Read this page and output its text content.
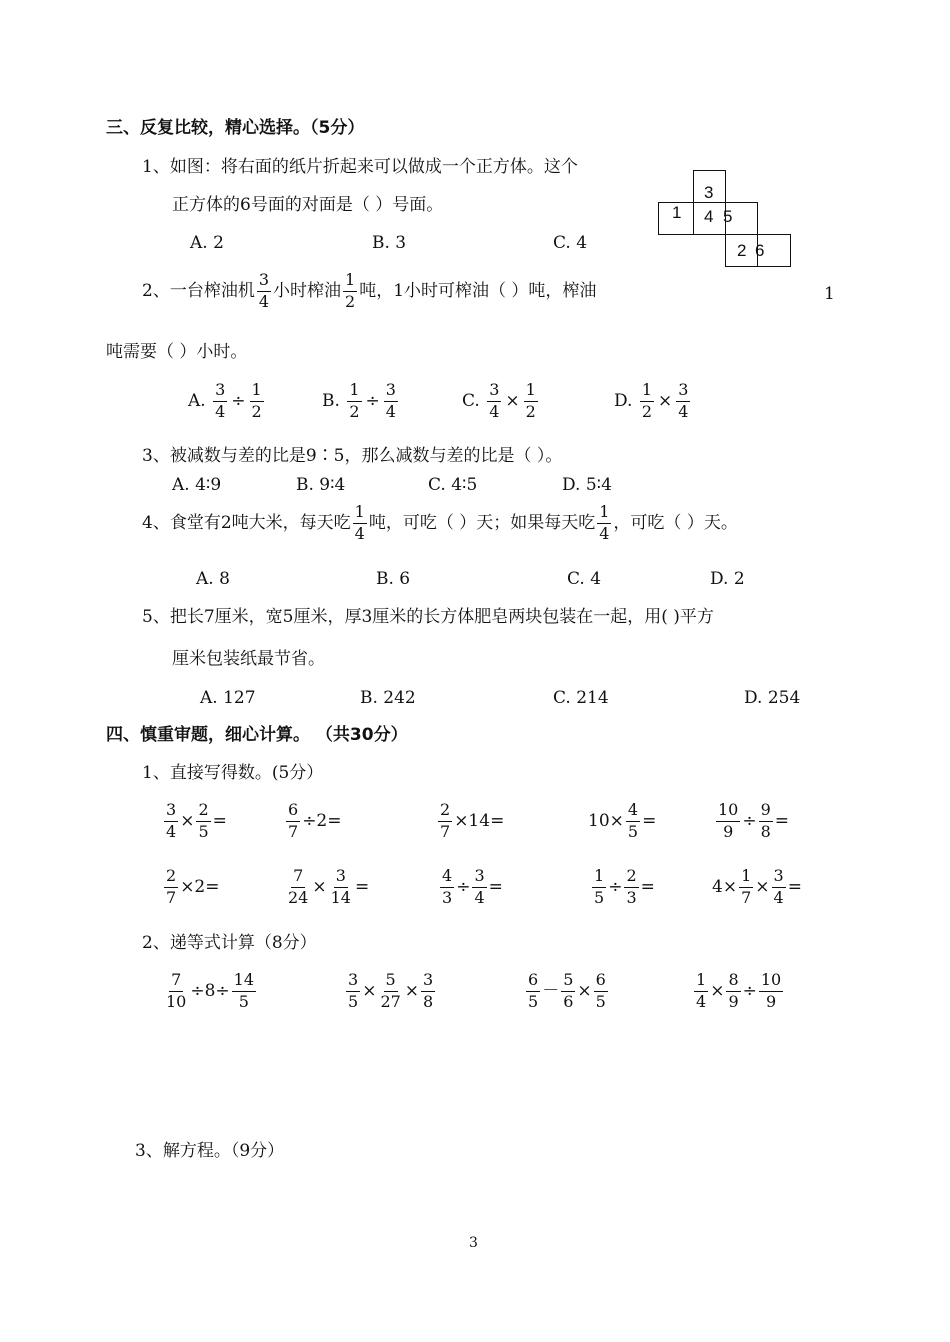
三、反复比较，精心选择。（5分）
1、如图：将右面的纸片折起来可以做成一个正方体。这个
正方体的6号面的对面是（ ）号面。
A. 2	B. 3	C. 4
3
1 4 5
2 6
2、一台榨油机 $\frac{3}{4}$ 小时榨油 $\frac{1}{2}$ 吨，1小时可榨油（ ）吨，榨油	1
吨需要（ ）小时。
A. $\frac{3}{4} \div \frac{1}{2}$	B. $\frac{1}{2} \div \frac{3}{4}$	C. $\frac{3}{4} \times \frac{1}{2}$	D. $\frac{1}{2} \times \frac{3}{4}$
3、被减数与差的比是9∶5，那么减数与差的比是（ ）。
A. 4∶9	B. 9∶4	C. 4∶5	D. 5∶4
4、食堂有2吨大米，每天吃 $\frac{1}{4}$ 吨，可吃（ ）天；如果每天吃 $\frac{1}{4}$ ，可吃（ ）天。
A. 8	B. 6	C. 4	D. 2
5、把长7厘米，宽5厘米，厚3厘米的长方体肥皂两块包装在一起，用( )平方
厘米包装纸最节省。
A. 127	B. 242	C. 214	D. 254
四、慎重审题，细心计算。 （共30分）
1、直接写得数。(5分）
$\frac{3}{4} \times \frac{2}{5}$ =	$\frac{6}{7} \div 2=$	$\frac{2}{7} \times 14=$	$10\times \frac{4}{5}$ =	$\frac{10}{9} \div \frac{9}{8}$ =
$\frac{2}{7} \times 2=$	$\frac{7}{24} \times \frac{3}{14}$ =	$\frac{4}{3} \div \frac{3}{4}$ =	$\frac{1}{5} \div \frac{2}{3}$ =	$4\times \frac{1}{7} \times \frac{3}{4}$ =
2、递等式计算（8分）
$\frac{7}{10} \div 8\div \frac{14}{5}$	$\frac{3}{5} \times \frac{5}{27} \times \frac{3}{8}$	$\frac{6}{5} - \frac{5}{6} \times \frac{6}{5}$	$\frac{1}{4} \times \frac{8}{9} \div \frac{10}{9}$
3、解方程。（9分）
3
